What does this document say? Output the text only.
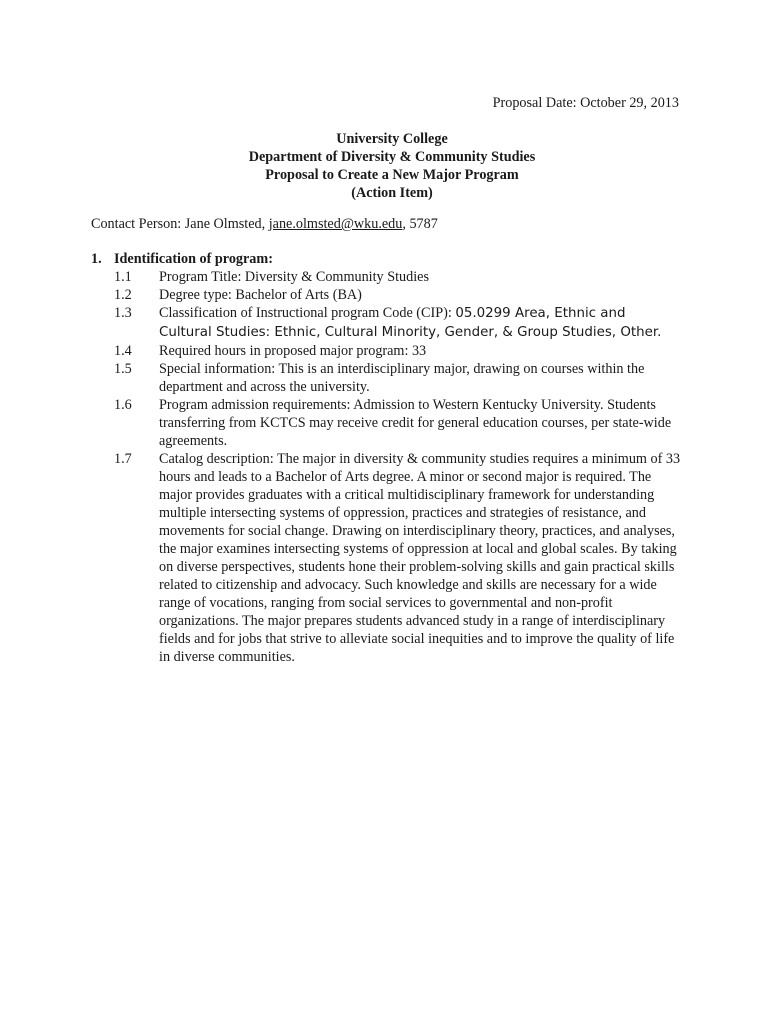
Proposal Date: October 29, 2013
University College
Department of Diversity & Community Studies
Proposal to Create a New Major Program
(Action Item)
Contact Person: Jane Olmsted, jane.olmsted@wku.edu, 5787
1. Identification of program:
1.1 Program Title: Diversity & Community Studies
1.2 Degree type: Bachelor of Arts (BA)
1.3 Classification of Instructional program Code (CIP): 05.0299 Area, Ethnic and Cultural Studies: Ethnic, Cultural Minority, Gender, & Group Studies, Other.
1.4 Required hours in proposed major program: 33
1.5 Special information: This is an interdisciplinary major, drawing on courses within the department and across the university.
1.6 Program admission requirements: Admission to Western Kentucky University. Students transferring from KCTCS may receive credit for general education courses, per state-wide agreements.
1.7 Catalog description: The major in diversity & community studies requires a minimum of 33 hours and leads to a Bachelor of Arts degree. A minor or second major is required. The major provides graduates with a critical multidisciplinary framework for understanding multiple intersecting systems of oppression, practices and strategies of resistance, and movements for social change. Drawing on interdisciplinary theory, practices, and analyses, the major examines intersecting systems of oppression at local and global scales. By taking on diverse perspectives, students hone their problem-solving skills and gain practical skills related to citizenship and advocacy. Such knowledge and skills are necessary for a wide range of vocations, ranging from social services to governmental and non-profit organizations. The major prepares students advanced study in a range of interdisciplinary fields and for jobs that strive to alleviate social inequities and to improve the quality of life in diverse communities.
